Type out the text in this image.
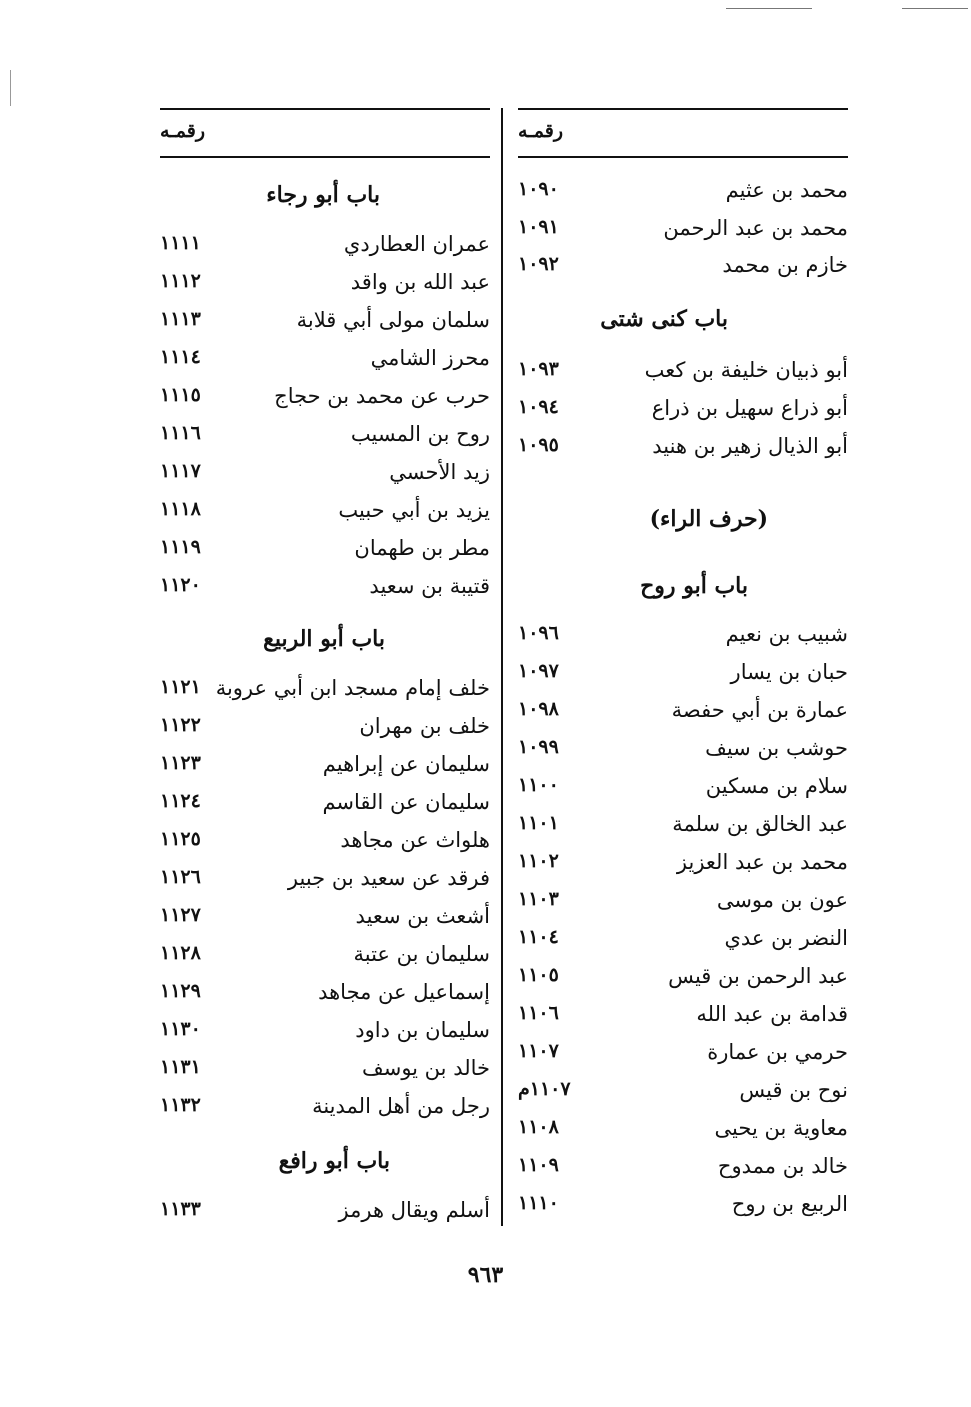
رقمـه
محمد بن عثيم
١٠٩٠
محمد بن عبد الرحمن
١٠٩١
خازم بن محمد
١٠٩٢
باب كنى شتى
أبو ذبيان خليفة بن كعب
١٠٩٣
أبو ذراع سهيل بن ذراع
١٠٩٤
أبو الذيال زهير بن هنيد
١٠٩٥
(حرف الراء)
باب أبو روح
شبيب بن نعيم
١٠٩٦
حبان بن يسار
١٠٩٧
عمارة بن أبي حفصة
١٠٩٨
حوشب بن سيف
١٠٩٩
سلام بن مسكين
١١٠٠
عبد الخالق بن سلمة
١١٠١
محمد بن عبد العزيز
١١٠٢
عون بن موسى
١١٠٣
النضر بن عدي
١١٠٤
عبد الرحمن بن قيس
١١٠٥
قدامة بن عبد الله
١١٠٦
حرمي بن عمارة
١١٠٧
نوح بن قيس
١١٠٧م
معاوية بن يحيى
١١٠٨
خالد بن ممدوح
١١٠٩
الربيع بن روح
١١١٠
رقمـه
باب أبو رجاء
عمران العطاردي
١١١١
عبد الله بن واقد
١١١٢
سلمان مولى أبي قلابة
١١١٣
محرز الشامي
١١١٤
حرب عن محمد بن حجاج
١١١٥
روح بن المسيب
١١١٦
زيد الأحسي
١١١٧
يزيد بن أبي حبيب
١١١٨
مطر بن طهمان
١١١٩
قتيبة بن سعيد
١١٢٠
باب أبو الربيع
خلف إمام مسجد ابن أبي عروبة
١١٢١
خلف بن مهران
١١٢٢
سليمان عن إبراهيم
١١٢٣
سليمان عن القاسم
١١٢٤
هلواث عن مجاهد
١١٢٥
فرقد عن سعيد بن جبير
١١٢٦
أشعث بن سعيد
١١٢٧
سليمان بن عتبة
١١٢٨
إسماعيل عن مجاهد
١١٢٩
سليمان بن داود
١١٣٠
خالد بن يوسف
١١٣١
رجل من أهل المدينة
١١٣٢
باب أبو رافع
أسلم ويقال هرمز
١١٣٣
٩٦٣
